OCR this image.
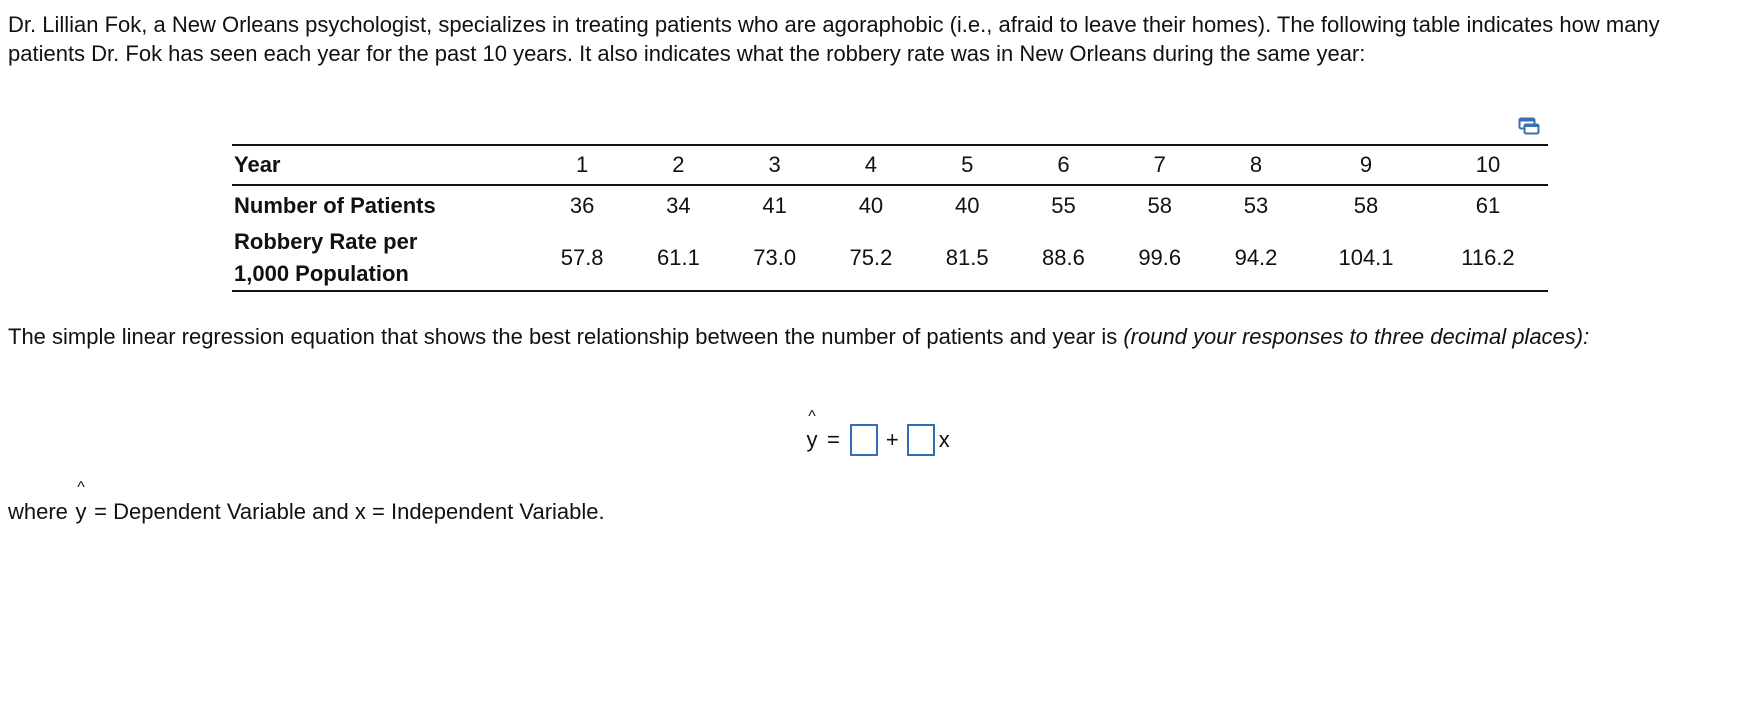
Dr. Lillian Fok, a New Orleans psychologist, specializes in treating patients who are agoraphobic (i.e., afraid to leave their homes). The following table indicates how many patients Dr. Fok has seen each year for the past 10 years. It also indicates what the robbery rate was in New Orleans during the same year:

Year	1	2	3	4	5	6	7	8	9	10
Number of Patients	36	34	41	40	40	55	58	53	58	61
Robbery Rate per
1,000 Population	57.8	61.1	73.0	75.2	81.5	88.6	99.6	94.2	104.1	116.2

The simple linear regression equation that shows the best relationship between the number of patients and year is (round your responses to three decimal places):

^
y = + x

where
^
y = Dependent Variable and x = Independent Variable.
